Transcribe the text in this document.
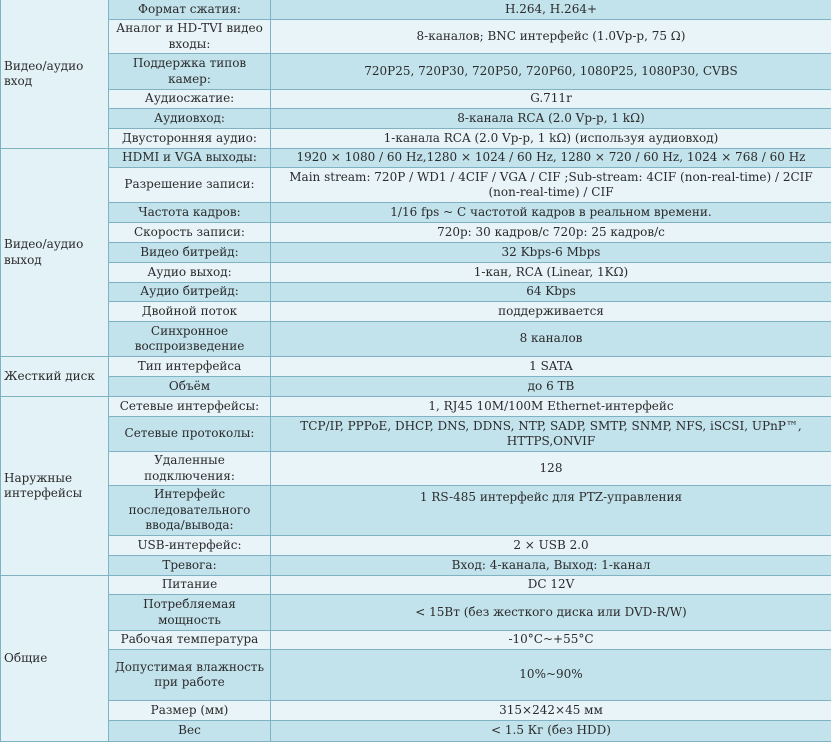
Видео/аудио вход	Формат сжатия:	H.264, H.264+
	Аналог и HD-TVI видео входы:	8-каналов; BNC интерфейс (1.0Vp-p, 75 Ω)
	Поддержка типов камер:	720P25, 720P30, 720P50, 720P60, 1080P25, 1080P30, CVBS
	Аудиосжатие:	G.711r
	Аудиовход:	8-канала RCA (2.0 Vp-p, 1 kΩ)
	Двусторонняя аудио:	1-каналa RCA (2.0 Vp-p, 1 kΩ) (используя аудиовход)
Видео/аудио выход	HDMI и VGA выходы:	1920 × 1080 / 60 Hz,1280 × 1024 / 60 Hz, 1280 × 720 / 60 Hz, 1024 × 768 / 60 Hz
	Разрешение записи:	Main stream: 720P / WD1 / 4CIF / VGA / CIF ;Sub-stream: 4CIF (non-real-time) / 2CIF (non-real-time) / CIF
	Частота кадров:	1/16 fps ~ С частотой кадров в реальном времени.
	Скорость записи:	720p: 30 кадров/с 720p: 25 кадров/с
	Видео битрейд:	32 Kbps-6 Mbps
	Аудио выход:	1-кан, RCA (Linear, 1KΩ)
	Аудио битрейд:	64 Kbps
	Двойной поток	поддерживается
	Синхронное воспроизведение	8 каналов
Жесткий диск	Тип интерфейса	1 SATA
	Объём	до 6 TB
Наружные интерфейсы	Сетевые интерфейсы:	1, RJ45 10M/100M Ethernet-интерфейс
	Сетевые протоколы:	TCP/IP, PPPoE, DHCP, DNS, DDNS, NTP, SADP, SMTP, SNMP, NFS, iSCSI, UPnP™, HTTPS,ONVIF
	Удаленные подключения:	128
	Интерфейс последовательного ввода/вывода:	1 RS-485 интерфейс для PTZ-управления
	USB-интерфейс:	2 × USB 2.0
	Тревога:	Вход: 4-канала, Выход: 1-канал
Общие	Питание	DC 12V
	Потребляемая мощность	< 15Вт (без жесткого диска или DVD-R/W)
	Рабочая температура	-10°C~+55°C
	Допустимая влажность при работе	10%~90%
	Размер (мм)	315×242×45 мм
	Вес	< 1.5 Кг (без HDD)
